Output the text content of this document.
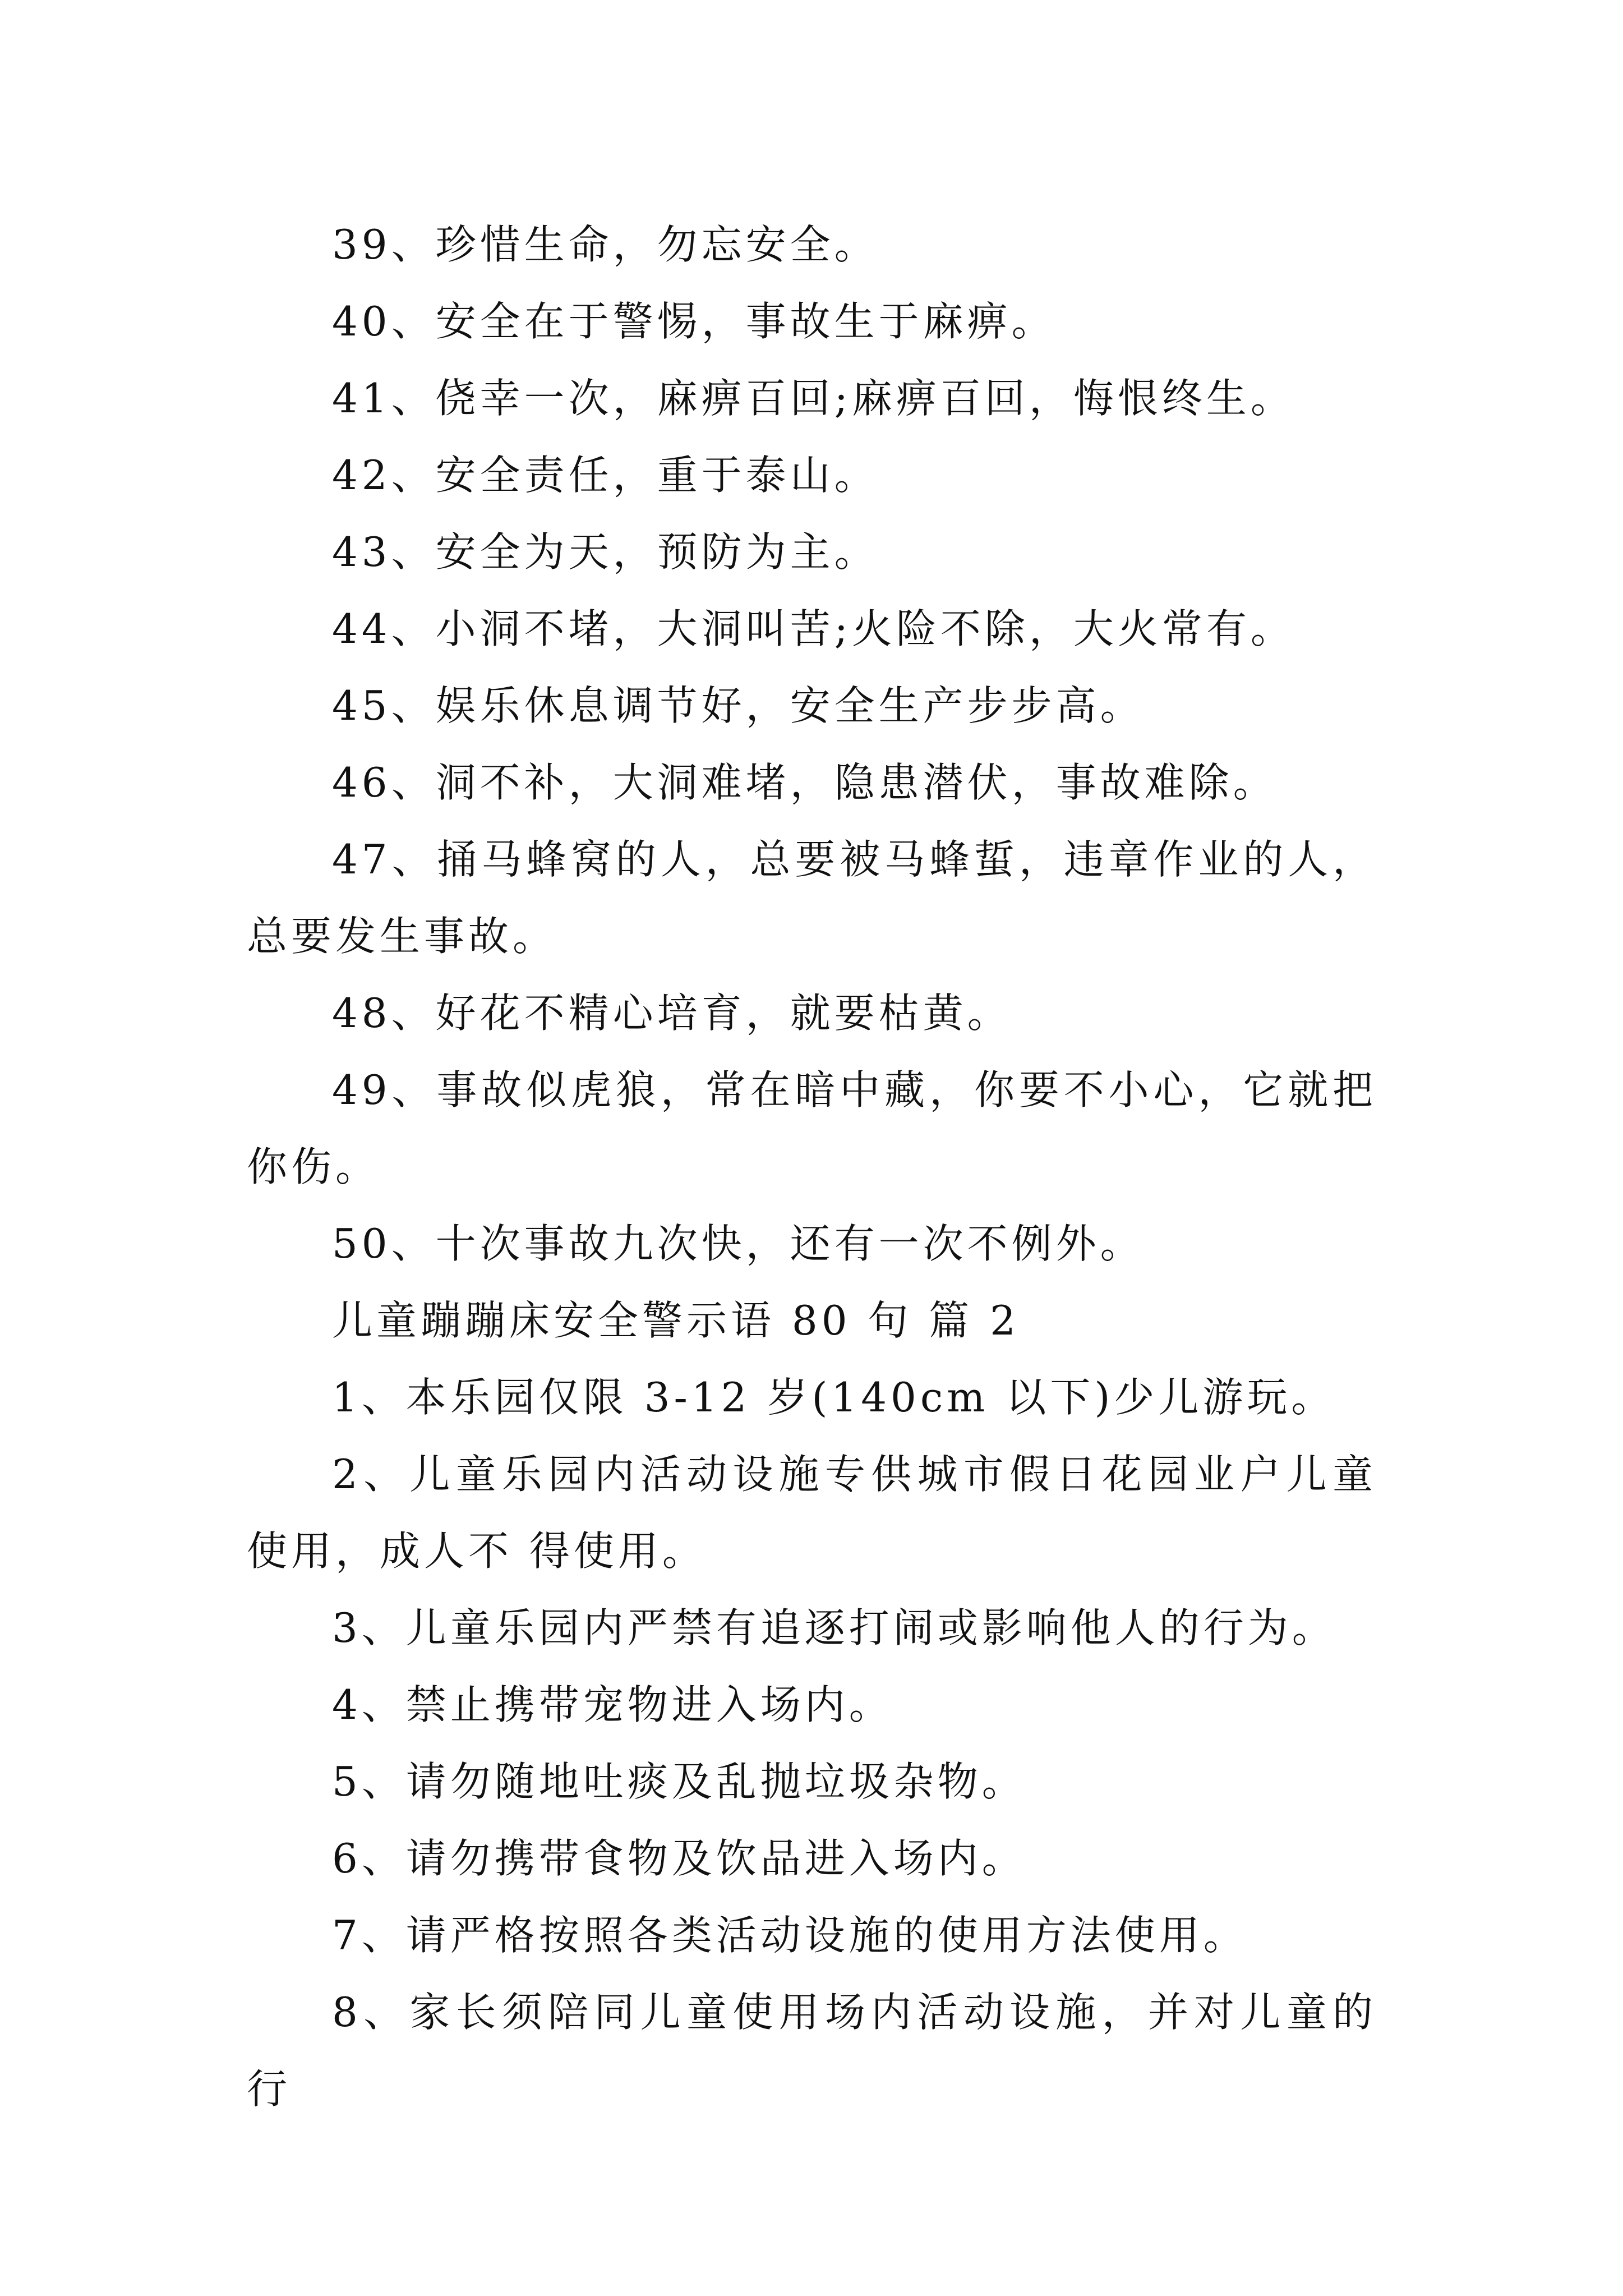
39、珍惜生命，勿忘安全。

40、安全在于警惕，事故生于麻痹。

41、侥幸一次，麻痹百回;麻痹百回，悔恨终生。

42、安全责任，重于泰山。

43、安全为天，预防为主。

44、小洞不堵，大洞叫苦;火险不除，大火常有。

45、娱乐休息调节好，安全生产步步高。

46、洞不补，大洞难堵，隐患潜伏，事故难除。

47、捅马蜂窝的人，总要被马蜂蜇，违章作业的人，总要发生事故。

48、好花不精心培育，就要枯黄。

49、事故似虎狼，常在暗中藏，你要不小心，它就把你伤。

50、十次事故九次快，还有一次不例外。

儿童蹦蹦床安全警示语 80 句 篇 2

1、本乐园仅限 3-12 岁(140cm 以下)少儿游玩。

2、儿童乐园内活动设施专供城市假日花园业户儿童使用，成人不 得使用。

3、儿童乐园内严禁有追逐打闹或影响他人的行为。

4、禁止携带宠物进入场内。

5、请勿随地吐痰及乱抛垃圾杂物。

6、请勿携带食物及饮品进入场内。

7、请严格按照各类活动设施的使用方法使用。

8、家长须陪同儿童使用场内活动设施，并对儿童的行
